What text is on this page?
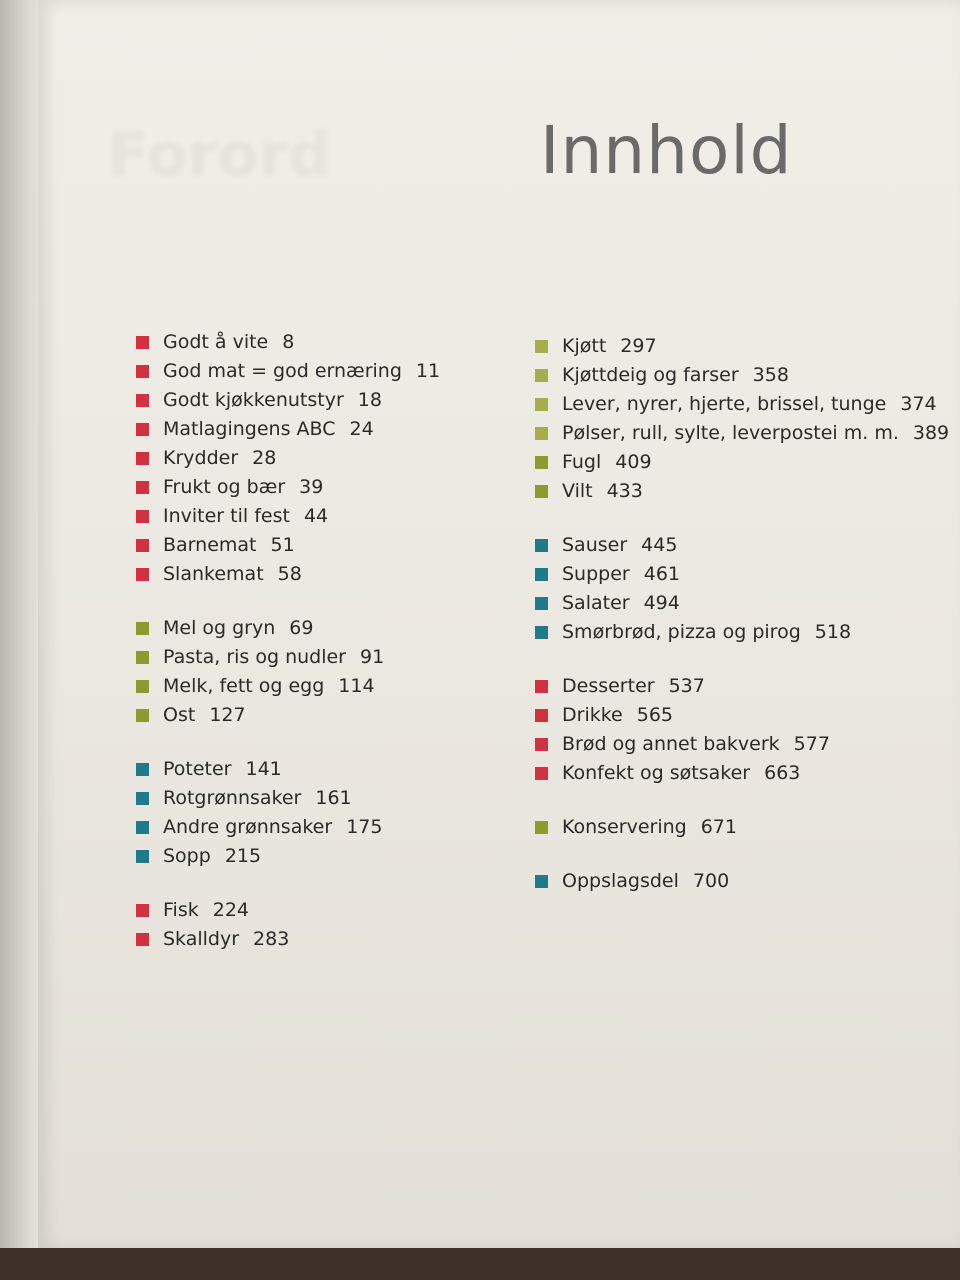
Forord	Innhold
Godt å vite 8
God mat = god ernæring 11
Godt kjøkkenutstyr 18
Matlagingens ABC 24
Krydder 28
Frukt og bær 39
Inviter til fest 44
Barnemat 51
Slankemat 58
Mel og gryn 69
Pasta, ris og nudler 91
Melk, fett og egg 114
Ost 127
Poteter 141
Rotgrønnsaker 161
Andre grønnsaker 175
Sopp 215
Fisk 224
Skalldyr 283
Kjøtt 297
Kjøttdeig og farser 358
Lever, nyrer, hjerte, brissel, tunge 374
Pølser, rull, sylte, leverpostei m. m. 389
Fugl 409
Vilt 433
Sauser 445
Supper 461
Salater 494
Smørbrød, pizza og pirog 518
Desserter 537
Drikke 565
Brød og annet bakverk 577
Konfekt og søtsaker 663
Konservering 671
Oppslagsdel 700
